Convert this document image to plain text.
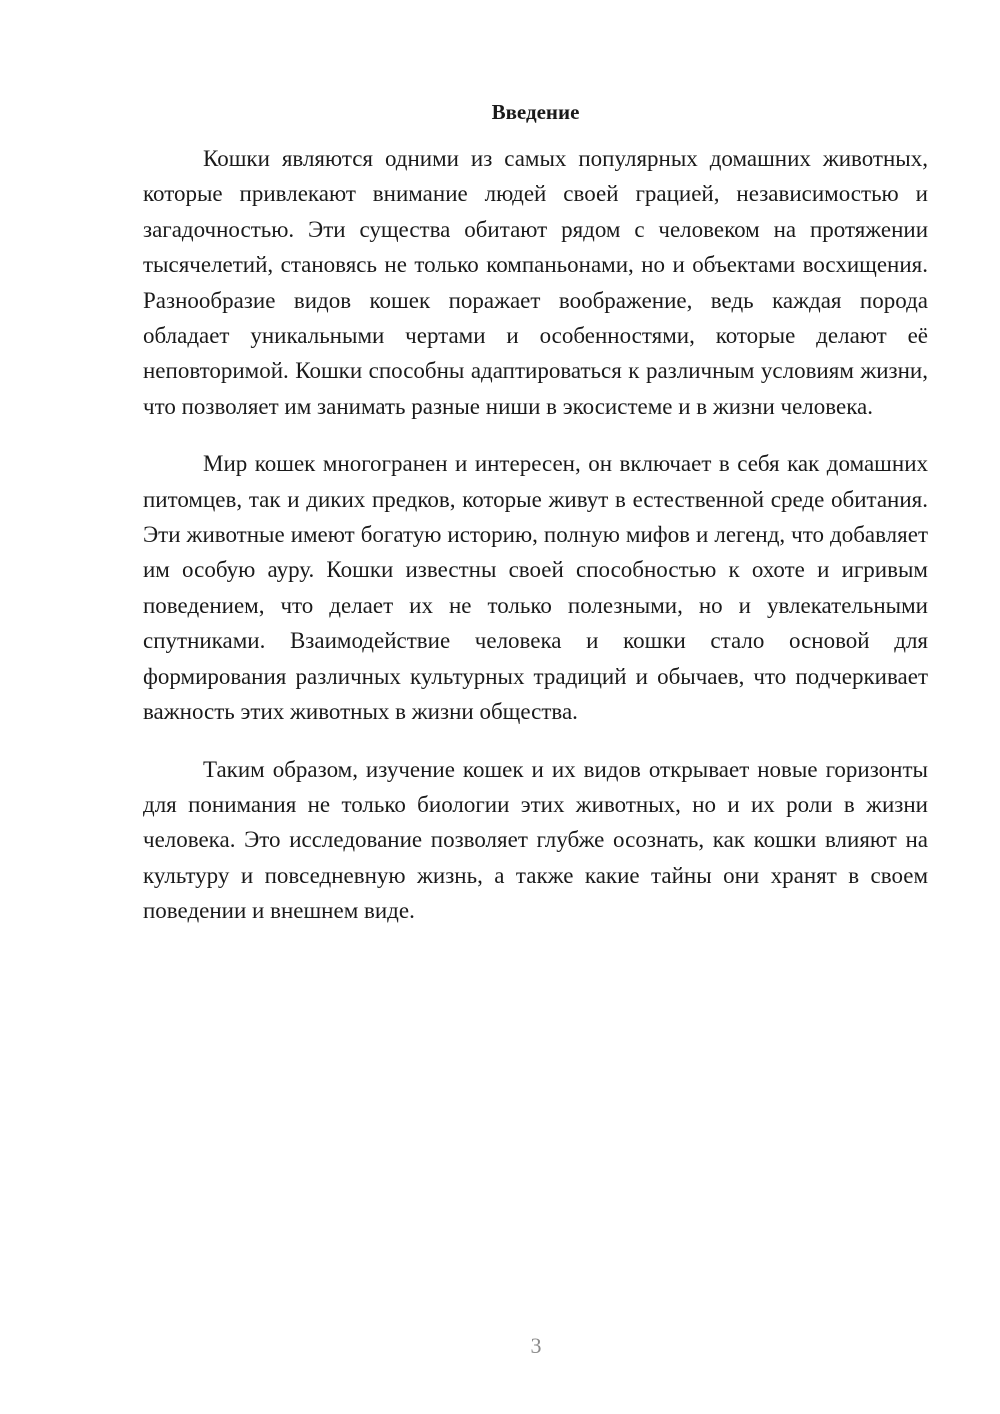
Введение

Кошки являются одними из самых популярных домашних животных, которые привлекают внимание людей своей грацией, независимостью и загадочностью. Эти существа обитают рядом с человеком на протяжении тысячелетий, становясь не только компаньонами, но и объектами восхищения. Разнообразие видов кошек поражает воображение, ведь каждая порода обладает уникальными чертами и особенностями, которые делают её неповторимой. Кошки способны адаптироваться к различным условиям жизни, что позволяет им занимать разные ниши в экосистеме и в жизни человека.

Мир кошек многогранен и интересен, он включает в себя как домашних питомцев, так и диких предков, которые живут в естественной среде обитания. Эти животные имеют богатую историю, полную мифов и легенд, что добавляет им особую ауру. Кошки известны своей способностью к охоте и игривым поведением, что делает их не только полезными, но и увлекательными спутниками. Взаимодействие человека и кошки стало основой для формирования различных культурных традиций и обычаев, что подчеркивает важность этих животных в жизни общества.

Таким образом, изучение кошек и их видов открывает новые горизонты для понимания не только биологии этих животных, но и их роли в жизни человека. Это исследование позволяет глубже осознать, как кошки влияют на культуру и повседневную жизнь, а также какие тайны они хранят в своем поведении и внешнем виде.

3
